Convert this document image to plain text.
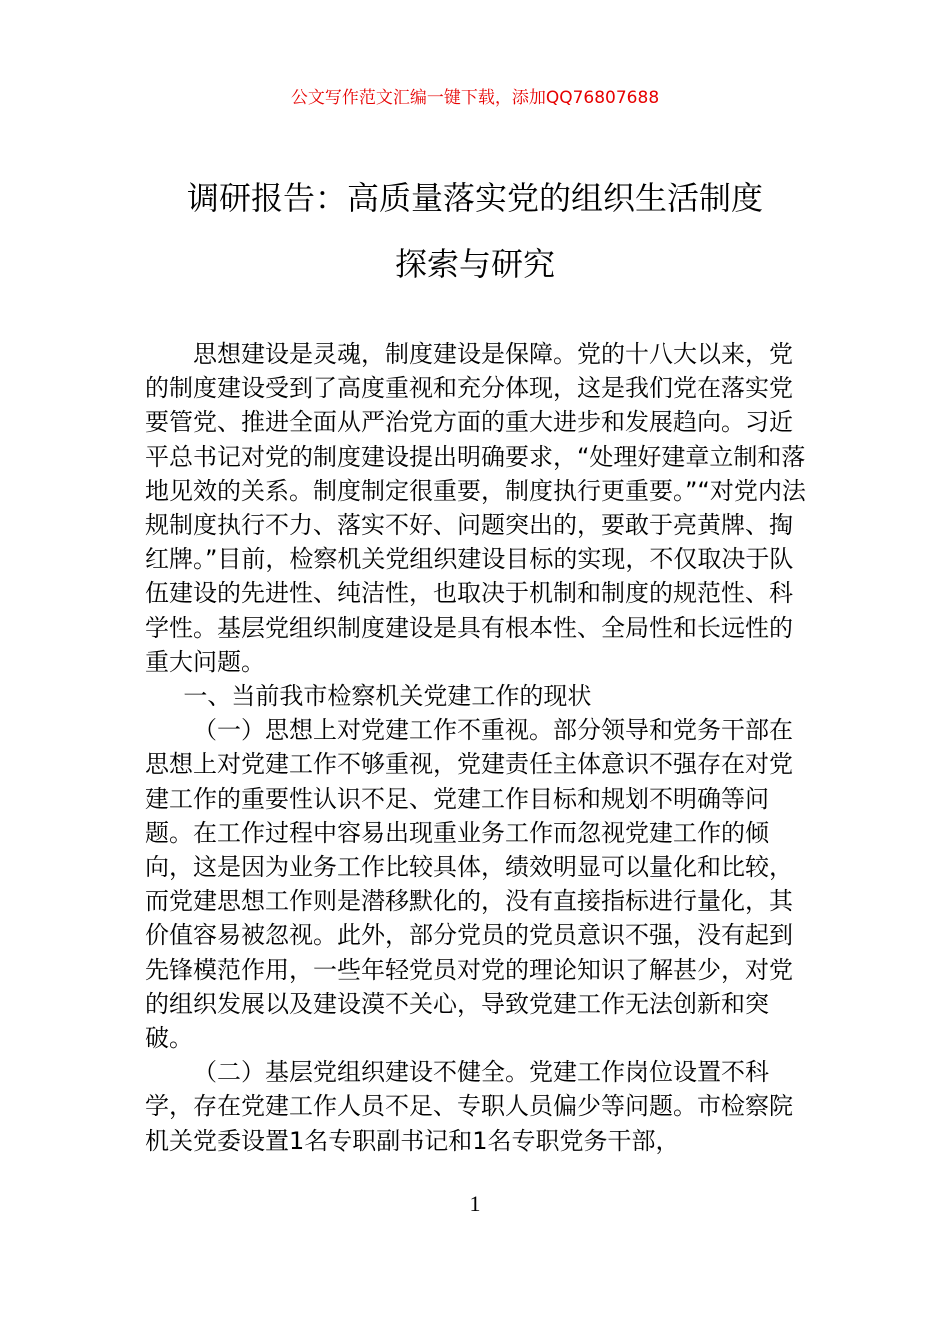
公文写作范文汇编一键下载，添加QQ76807688
调研报告：高质量落实党的组织生活制度
探索与研究

思想建设是灵魂，制度建设是保障。党的十八大以来，党的制度建设受到了高度重视和充分体现，这是我们党在落实党要管党、推进全面从严治党方面的重大进步和发展趋向。习近平总书记对党的制度建设提出明确要求，“处理好建章立制和落地见效的关系。制度制定很重要，制度执行更重要。”“对党内法规制度执行不力、落实不好、问题突出的，要敢于亮黄牌、掏红牌。”目前，检察机关党组织建设目标的实现，不仅取决于队伍建设的先进性、纯洁性，也取决于机制和制度的规范性、科学性。基层党组织制度建设是具有根本性、全局性和长远性的重大问题。

一、当前我市检察机关党建工作的现状

（一）思想上对党建工作不重视。部分领导和党务干部在思想上对党建工作不够重视，党建责任主体意识不强存在对党建工作的重要性认识不足、党建工作目标和规划不明确等问题。在工作过程中容易出现重业务工作而忽视党建工作的倾向，这是因为业务工作比较具体，绩效明显可以量化和比较，而党建思想工作则是潜移默化的，没有直接指标进行量化，其价值容易被忽视。此外，部分党员的党员意识不强，没有起到先锋模范作用，一些年轻党员对党的理论知识了解甚少，对党的组织发展以及建设漠不关心，导致党建工作无法创新和突破。

（二）基层党组织建设不健全。党建工作岗位设置不科学，存在党建工作人员不足、专职人员偏少等问题。市检察院机关党委设置1名专职副书记和1名专职党务干部，

1
